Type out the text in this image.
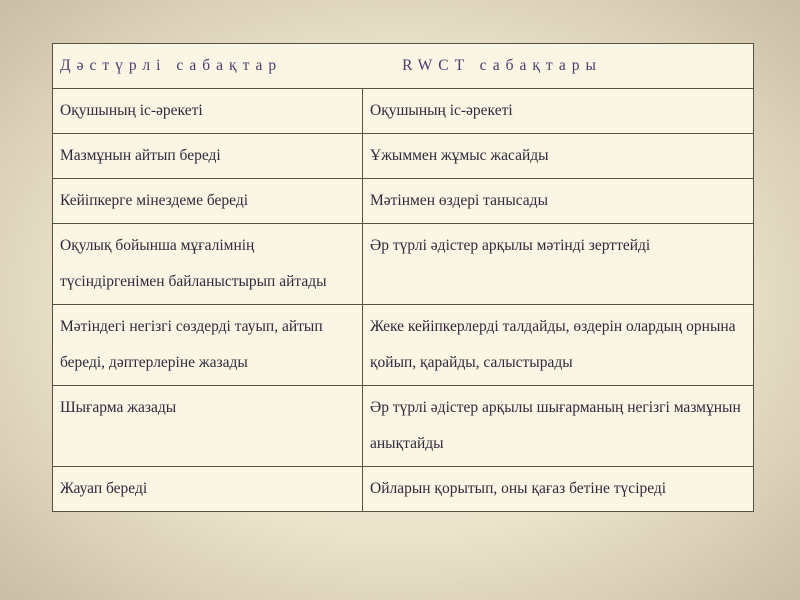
Дәстүрлі сабақтар RWCT сабақтары	
Оқушының іс-әрекеті	Оқушының іс-әрекеті
Мазмұнын айтып береді	Ұжыммен жұмыс жасайды
Кейіпкерге мінездеме береді	Мәтінмен өздері танысады
Оқулық бойынша мұғалімнің түсіндіргенімен байланыстырып айтады	Әр түрлі әдістер арқылы мәтінді зерттейді
Мәтіндегі негізгі сөздерді тауып, айтып береді, дәптерлеріне жазады	Жеке кейіпкерлерді талдайды, өздерін олардың орнына қойып, қарайды, салыстырады
Шығарма жазады	Әр түрлі әдістер арқылы шығарманың негізгі мазмұнын анықтайды
Жауап береді	Ойларын қорытып, оны қағаз бетіне түсіреді
